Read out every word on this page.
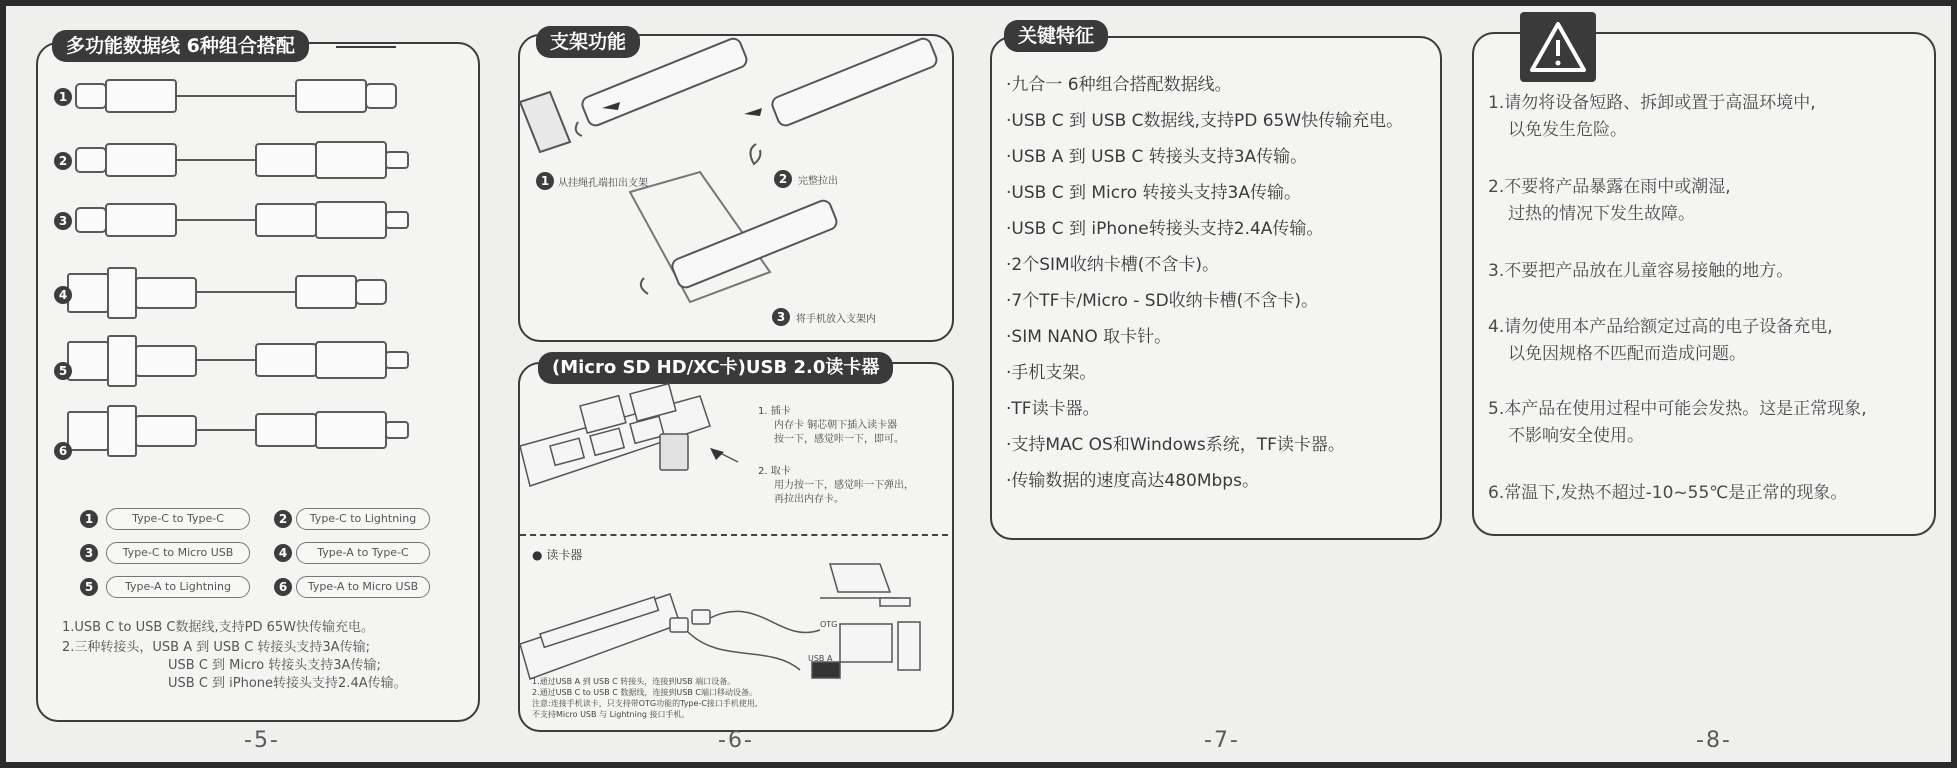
多功能数据线 6种组合搭配
1
2
3
4
5
6
1	Type-C to Type-C	2	Type-C to Lightning
3	Type-C to Micro USB	4	Type-A to Type-C
5	Type-A to Lightning	6	Type-A to Micro USB
1.USB C to USB C数据线,支持PD 65W快传输充电。
2.三种转接头，USB A 到 USB C 转接头支持3A传输;
USB C 到 Micro 转接头支持3A传输;
USB C 到 iPhone转接头支持2.4A传输。
-5-
支架功能
1 从挂绳孔端扣出支架	2	完整拉出
3	将手机放入支架内
(Micro SD HD/XC卡)USB 2.0读卡器
1. 插卡
内存卡 铜芯朝下插入读卡器
按一下，感觉咔一下，即可。
2. 取卡
用力按一下，感觉咔一下弹出，
再拉出内存卡。
● 读卡器
OTG
USB A
1.通过USB A 到 USB C 转接头，连接到USB 端口设备。
2.通过USB C to USB C 数据线，连接到USB C端口移动设备。
注意:连接手机读卡，只支持带OTG功能的Type-C接口手机使用,
不支持Micro USB 与 Lightning 接口手机。
-6-
关键特征
·九合一 6种组合搭配数据线。
·USB C 到 USB C数据线,支持PD 65W快传输充电。
·USB A 到 USB C 转接头支持3A传输。
·USB C 到 Micro 转接头支持3A传输。
·USB C 到 iPhone转接头支持2.4A传输。
·2个SIM收纳卡槽(不含卡)。
·7个TF卡/Micro - SD收纳卡槽(不含卡)。
·SIM NANO 取卡针。
·手机支架。
·TF读卡器。
·支持MAC OS和Windows系统，TF读卡器。
·传输数据的速度高达480Mbps。
-7-
1.请勿将设备短路、拆卸或置于高温环境中,
以免发生危险。
2.不要将产品暴露在雨中或潮湿,
过热的情况下发生故障。
3.不要把产品放在儿童容易接触的地方。
4.请勿使用本产品给额定过高的电子设备充电,
以免因规格不匹配而造成问题。
5.本产品在使用过程中可能会发热。这是正常现象,
不影响安全使用。
6.常温下,发热不超过-10~55℃是正常的现象。
-8-
